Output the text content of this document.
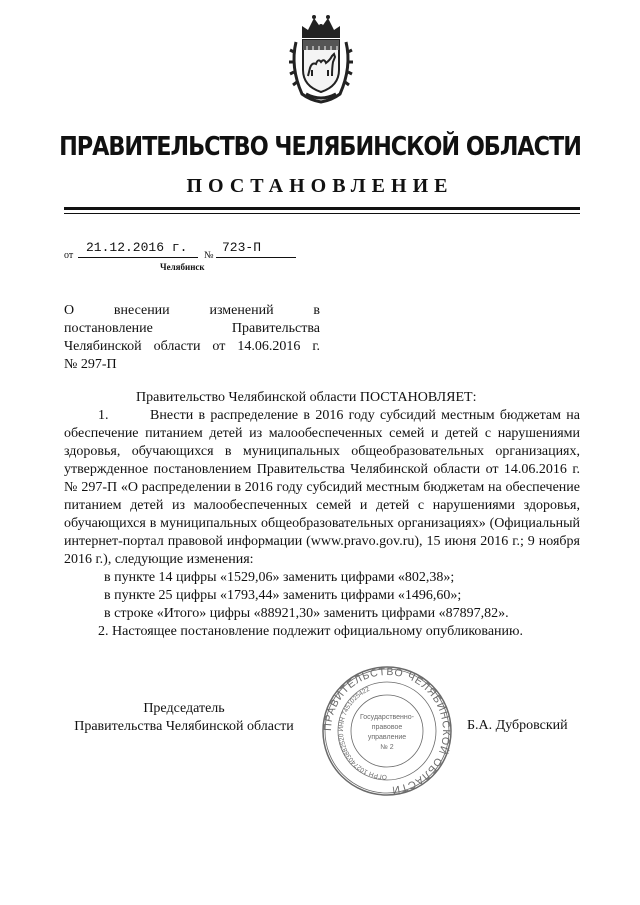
ПРАВИТЕЛЬСТВО ЧЕЛЯБИНСКОЙ ОБЛАСТИ
ПОСТАНОВЛЕНИЕ
от
21.12.2016 г.
№
723-П
Челябинск
О внесении изменений в
постановление Правительства
Челябинской области от 14.06.2016 г.
№ 297-П

Правительство Челябинской области ПОСТАНОВЛЯЕТ:

1.	Внести в распределение в 2016 году субсидий местным бюджетам на обеспечение питанием детей из малообеспеченных семей и детей с нарушениями здоровья, обучающихся в муниципальных общеобразовательных организациях, утвержденное постановлением Правительства Челябинской области от 14.06.2016 г. № 297-П «О распределении в 2016 году субсидий местным бюджетам на обеспечение питанием детей из малообеспеченных семей и детей с нарушениями здоровья, обучающихся в муниципальных общеобразовательных организациях» (Официальный интернет-портал правовой информации (www.pravo.gov.ru), 15 июня 2016 г.; 9 ноября 2016 г.), следующие изменения:

в пункте 14 цифры «1529,06» заменить цифрами «802,38»;

в пункте 25 цифры «1793,44» заменить цифрами «1496,60»;

в строке «Итого» цифры «88921,30» заменить цифрами «87897,82».

2. Настоящее постановление подлежит официальному опубликованию.

Председатель
Правительства Челябинской области	ПРАВИТЕЛЬСТВО ЧЕЛЯБИНСКОЙ ОБЛАСТИ
ОГРН 1027403882520 ИНН 7451025422
Государственно-
правовое
управление
№ 2
Б.А. Дубровский
